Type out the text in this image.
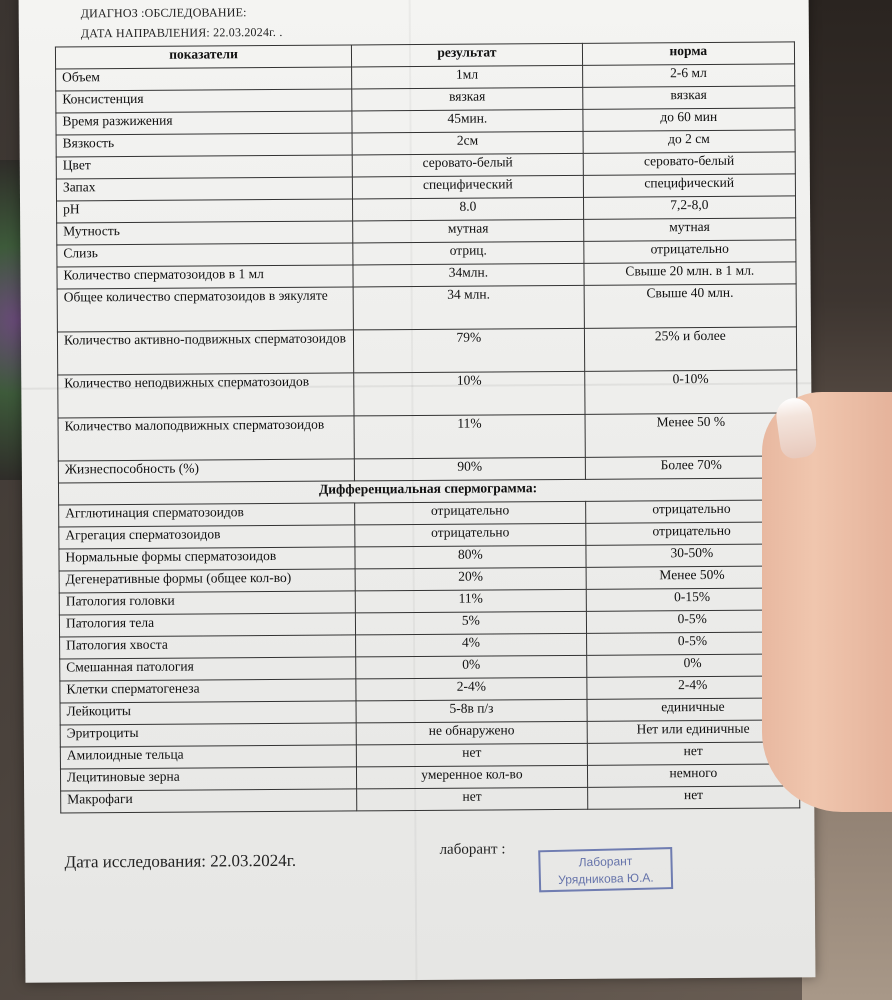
ДИАГНОЗ :ОБСЛЕДОВАНИЕ:
ДАТА НАПРАВЛЕНИЯ: 22.03.2024г. .
показатели	результат	норма
Объем	1мл	2-6 мл
Консистенция	вязкая	вязкая
Время разжижения	45мин.	до 60 мин
Вязкость	2см	до 2 см
Цвет	серовато-белый	серовато-белый
Запах	специфический	специфический
pH	8.0	7,2-8,0
Мутность	мутная	мутная
Слизь	отриц.	отрицательно
Количество сперматозоидов в 1 мл	34млн.	Свыше 20 млн. в 1 мл.
Общее количество сперматозоидов в эякуляте	34 млн.	Свыше 40 млн.
Количество активно-подвижных сперматозоидов	79%	25% и более
Количество неподвижных сперматозоидов	10%	0-10%
Количество малоподвижных сперматозоидов	11%	Менее 50 %
Жизнеспособность (%)	90%	Более 70%
Дифференциальная спермограмма:		
Агглютинация сперматозоидов	отрицательно	отрицательно
Агрегация сперматозоидов	отрицательно	отрицательно
Нормальные формы сперматозоидов	80%	30-50%
Дегенеративные формы (общее кол-во)	20%	Менее 50%
Патология головки	11%	0-15%
Патология тела	5%	0-5%
Патология хвоста	4%	0-5%
Смешанная патология	0%	0%
Клетки сперматогенеза	2-4%	2-4%
Лейкоциты	5-8в п/з	единичные
Эритроциты	не обнаружено	Нет или единичные
Амилоидные тельца	нет	нет
Лецитиновые зерна	умеренное кол-во	немного
Макрофаги	нет	нет
Дата исследования: 22.03.2024г.
лаборант :
Лаборант
Урядникова Ю.А.
